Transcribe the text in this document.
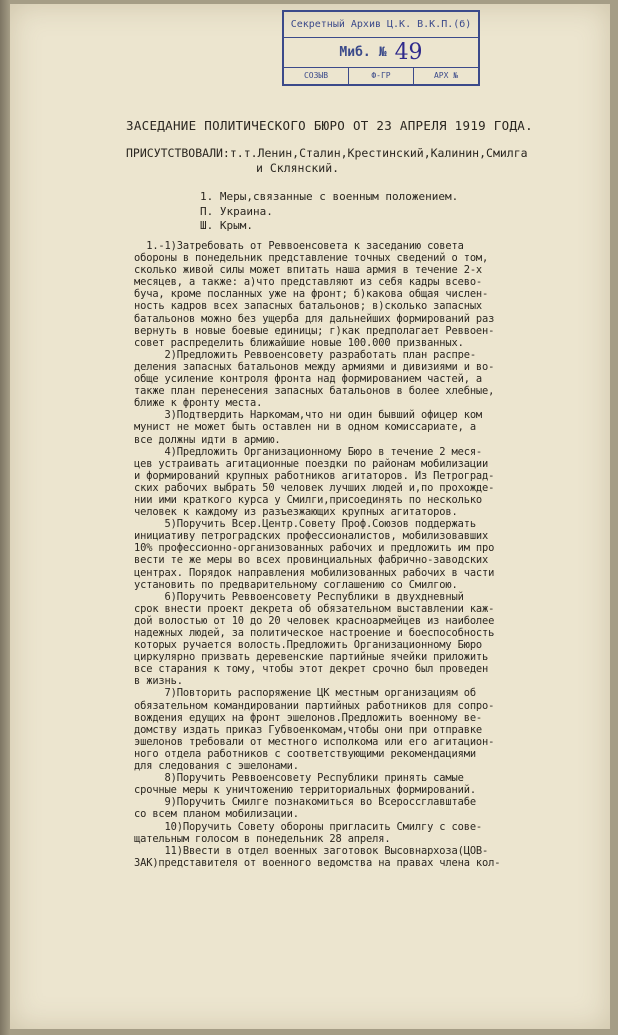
Секретный Архив Ц.К. В.К.П.(б)
Миб. № 49
СОЗЫВ	Ф-ГР	АРХ №
ЗАСЕДАНИЕ ПОЛИТИЧЕСКОГО БЮРО ОТ 23 АПРЕЛЯ 1919 ГОДА.
ПРИСУТСТВОВАЛИ:т.т.Ленин,Сталин,Крестинский,Калинин,Смилга
и Склянский.
1. Меры,связанные с военным положением.
П. Украина.
Ш. Крым.
1.-1)Затребовать от Реввоенсовета к заседанию совета
обороны в понедельник представление точных сведений о том,
сколько живой силы может впитать наша армия в течение 2-х
месяцев, а также: а)что представляют из себя кадры всево-
буча, кроме посланных уже на фронт; б)какова общая числен-
ность кадров всех запасных батальонов; в)сколько запасных
батальонов можно без ущерба для дальнейших формирований раз
вернуть в новые боевые единицы; г)как предполагает Реввоен-
совет распределить ближайшие новые 100.000 призванных.
2)Предложить Реввоенсовету разработать план распре-
деления запасных батальонов между армиями и дивизиями и во-
обще усиление контроля фронта над формированием частей, а
также план перенесения запасных батальонов в более хлебные,
ближе к фронту места.
3)Подтвердить Наркомам,что ни один бывший офицер ком
мунист не может быть оставлен ни в одном комиссариате, а
все должны идти в армию.
4)Предложить Организационному Бюро в течение 2 меся-
цев устраивать агитационные поездки по районам мобилизации
и формирований крупных работников агитаторов. Из Петроград-
ских рабочих выбрать 50 человек лучших людей и,по прохожде-
нии ими краткого курса у Смилги,присоединять по несколько
человек к каждому из разъезжающих крупных агитаторов.
5)Поручить Всер.Центр.Совету Проф.Союзов поддержать
инициативу петроградских профессионалистов, мобилизовавших
10% профессионно-организованных рабочих и предложить им про
вести те же меры во всех провинциальных фабрично-заводских
центрах. Порядок направления мобилизованных рабочих в части
установить по предварительному соглашению со Смилгою.
6)Поручить Реввоенсовету Республики в двухдневный
срок внести проект декрета об обязательном выставлении каж-
дой волостью от 10 до 20 человек красноармейцев из наиболее
надежных людей, за политическое настроение и боеспособность
которых ручается волость.Предложить Организационному Бюро
циркулярно призвать деревенские партийные ячейки приложить
все старания к тому, чтобы этот декрет срочно был проведен
в жизнь.
7)Повторить распоряжение ЦК местным организациям об
обязательном командировании партийных работников для сопро-
вождения едущих на фронт эшелонов.Предложить военному ве-
домству издать приказ Губвоенкомам,чтобы они при отправке
эшелонов требовали от местного исполкома или его агитацион-
ного отдела работников с соответствующими рекомендациями
для следования с эшелонами.
8)Поручить Реввоенсовету Республики принять самые
срочные меры к уничтожению территориальных формирований.
9)Поручить Смилге познакомиться во Всероссглавштабе
со всем планом мобилизации.
10)Поручить Совету обороны пригласить Смилгу с сове-
щательным голосом в понедельник 28 апреля.
11)Ввести в отдел военных заготовок Высовнархоза(ЦОВ-
ЗАК)представителя от военного ведомства на правах члена кол-
